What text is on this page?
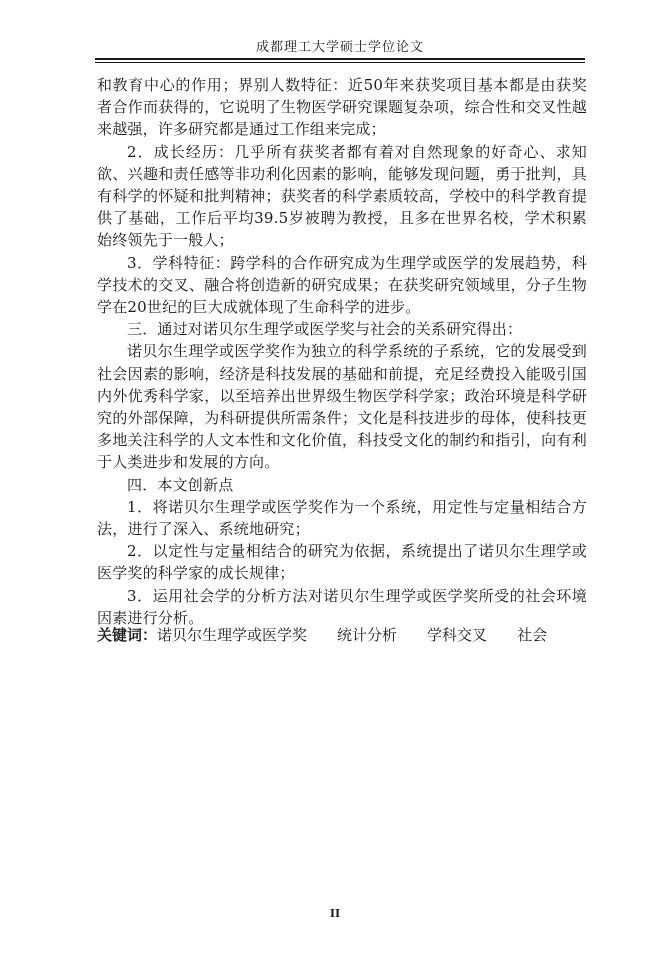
成都理工大学硕士学位论文

和教育中心的作用；界别人数特征：近50年来获奖项目基本都是由获奖者合作而获得的，它说明了生物医学研究课题复杂项，综合性和交叉性越来越强，许多研究都是通过工作组来完成；

2．成长经历：几乎所有获奖者都有着对自然现象的好奇心、求知欲、兴趣和责任感等非功利化因素的影响，能够发现问题，勇于批判，具有科学的怀疑和批判精神；获奖者的科学素质较高，学校中的科学教育提供了基础，工作后平均39.5岁被聘为教授，且多在世界名校，学术积累始终领先于一般人；

3．学科特征：跨学科的合作研究成为生理学或医学的发展趋势，科学技术的交叉、融合将创造新的研究成果；在获奖研究领域里，分子生物学在20世纪的巨大成就体现了生命科学的进步。

三．通过对诺贝尔生理学或医学奖与社会的关系研究得出：

诺贝尔生理学或医学奖作为独立的科学系统的子系统，它的发展受到社会因素的影响，经济是科技发展的基础和前提，充足经费投入能吸引国内外优秀科学家，以至培养出世界级生物医学科学家；政治环境是科学研究的外部保障，为科研提供所需条件；文化是科技进步的母体，使科技更多地关注科学的人文本性和文化价值，科技受文化的制约和指引，向有利于人类进步和发展的方向。

四．本文创新点

1．将诺贝尔生理学或医学奖作为一个系统，用定性与定量相结合方法，进行了深入、系统地研究；

2．以定性与定量相结合的研究为依据，系统提出了诺贝尔生理学或医学奖的科学家的成长规律；

3．运用社会学的分析方法对诺贝尔生理学或医学奖所受的社会环境因素进行分析。

关键词：诺贝尔生理学或医学奖 统计分析 学科交叉 社会
II
